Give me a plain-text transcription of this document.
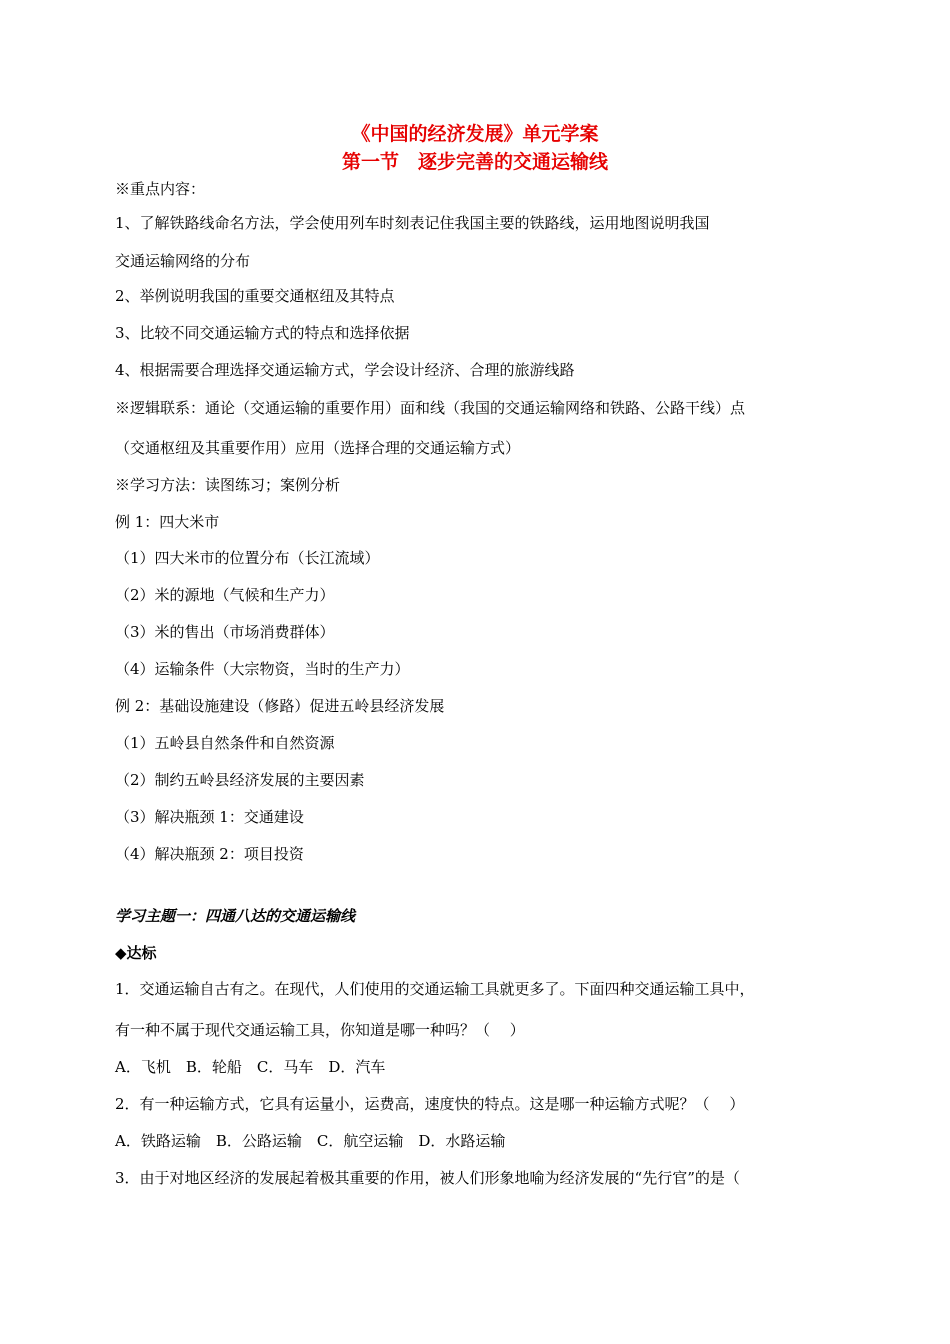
《中国的经济发展》单元学案
第一节　逐步完善的交通运输线
※重点内容：
1、了解铁路线命名方法，学会使用列车时刻表记住我国主要的铁路线，运用地图说明我国
交通运输网络的分布
2、举例说明我国的重要交通枢纽及其特点
3、比较不同交通运输方式的特点和选择依据
4、根据需要合理选择交通运输方式，学会设计经济、合理的旅游线路
※逻辑联系：通论（交通运输的重要作用）面和线（我国的交通运输网络和铁路、公路干线）点
（交通枢纽及其重要作用）应用（选择合理的交通运输方式）
※学习方法：读图练习；案例分析
例 1：四大米市
（1）四大米市的位置分布（长江流域）
（2）米的源地（气候和生产力）
（3）米的售出（市场消费群体）
（4）运输条件（大宗物资，当时的生产力）
例 2：基础设施建设（修路）促进五岭县经济发展
（1）五岭县自然条件和自然资源
（2）制约五岭县经济发展的主要因素
（3）解决瓶颈 1：交通建设
（4）解决瓶颈 2：项目投资
学习主题一：四通八达的交通运输线
◆达标
1．交通运输自古有之。在现代，人们使用的交通运输工具就更多了。下面四种交通运输工具中，
有一种不属于现代交通运输工具，你知道是哪一种吗？（　 ）
A．飞机　B．轮船　C．马车　D．汽车
2．有一种运输方式，它具有运量小，运费高，速度快的特点。这是哪一种运输方式呢？（　 ）
A．铁路运输　B．公路运输　C．航空运输　D．水路运输
3．由于对地区经济的发展起着极其重要的作用，被人们形象地喻为经济发展的“先行官”的是（
